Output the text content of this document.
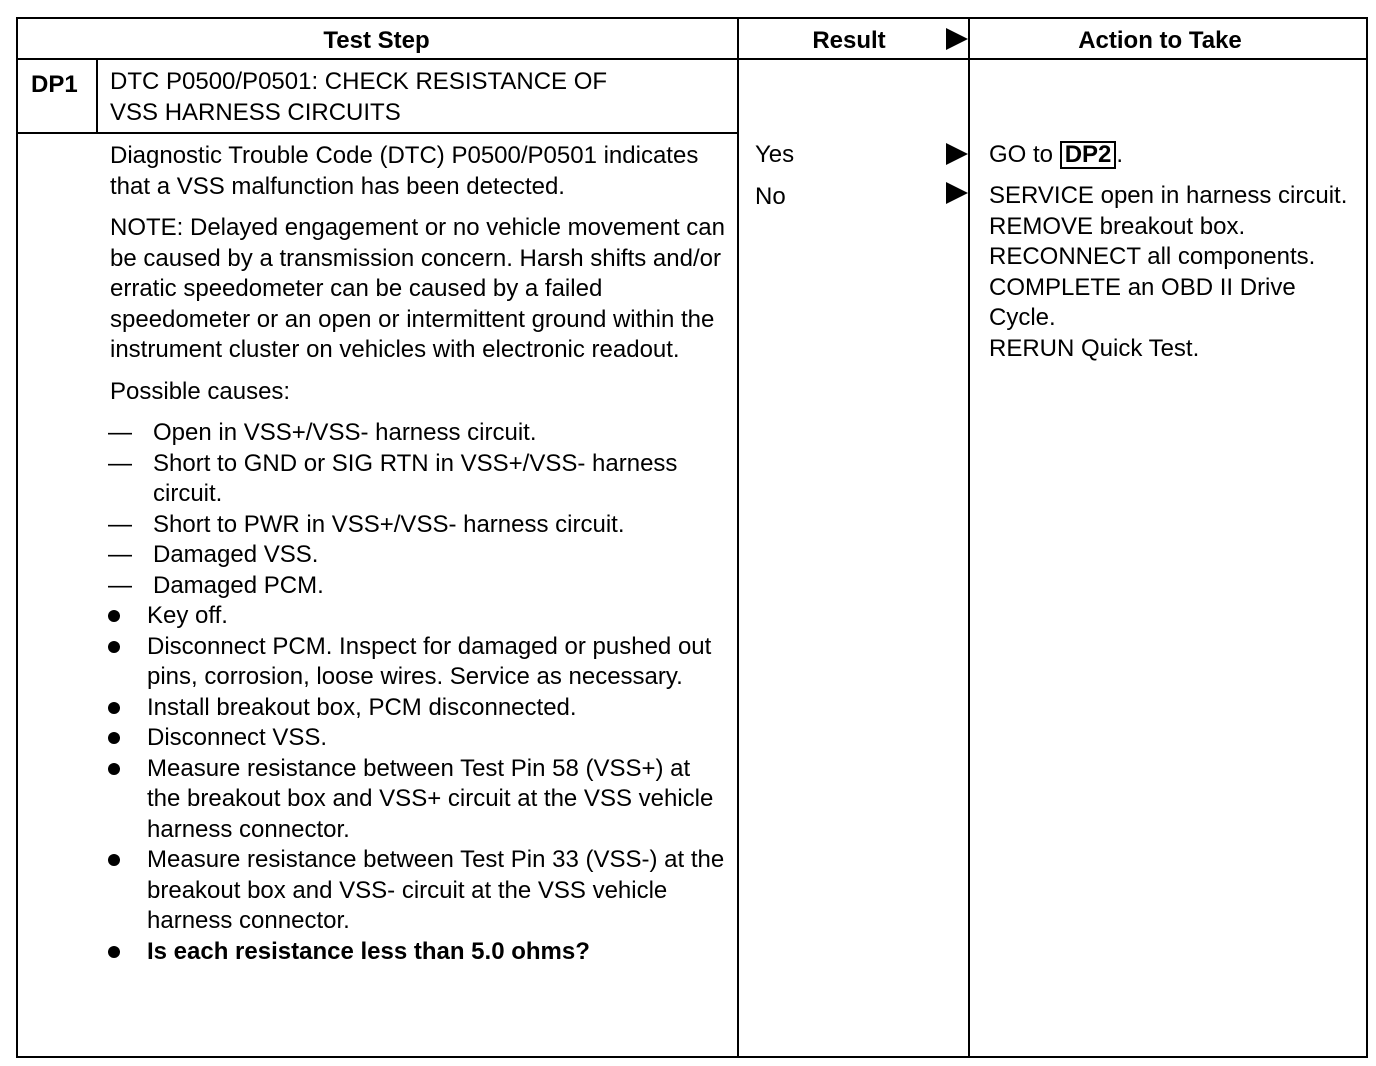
Test Step	Result	Action to Take
DP1 DTC P0500/P0501: CHECK RESISTANCE OF
VSS HARNESS CIRCUITS

Diagnostic Trouble Code (DTC) P0500/P0501 indicates that a VSS malfunction has been detected.

NOTE: Delayed engagement or no vehicle movement can be caused by a transmission concern. Harsh shifts and/or erratic speedometer can be caused by a failed speedometer or an open or intermittent ground within the instrument cluster on vehicles with electronic readout.

Possible causes:

— Open in VSS+/VSS- harness circuit.
— Short to GND or SIG RTN in VSS+/VSS- harness circuit.
— Short to PWR in VSS+/VSS- harness circuit.
— Damaged VSS.
— Damaged PCM.
Key off.
Disconnect PCM. Inspect for damaged or pushed out pins, corrosion, loose wires. Service as necessary.
Install breakout box, PCM disconnected.
Disconnect VSS.
Measure resistance between Test Pin 58 (VSS+) at the breakout box and VSS+ circuit at the VSS vehicle harness connector.
Measure resistance between Test Pin 33 (VSS-) at the breakout box and VSS- circuit at the VSS vehicle harness connector.
Is each resistance less than 5.0 ohms?
Yes
No
GO to DP2 .
SERVICE open in harness circuit. REMOVE breakout box.
RECONNECT all components.
COMPLETE an OBD II Drive Cycle.
RERUN Quick Test.
